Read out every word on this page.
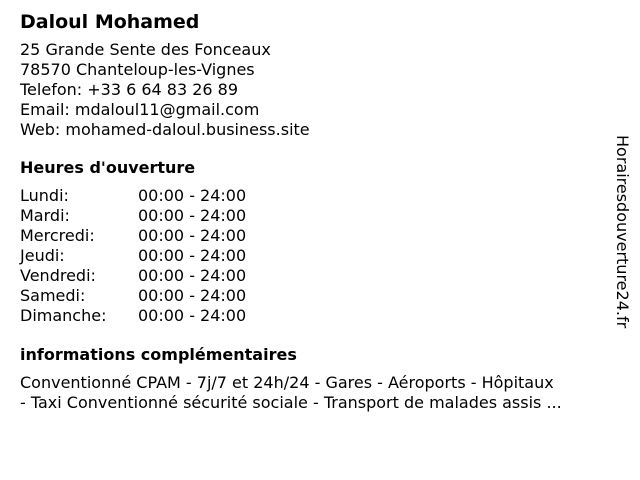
Daloul Mohamed
25 Grande Sente des Fonceaux
78570 Chanteloup-les-Vignes
Telefon: +33 6 64 83 26 89
Email: mdaloul11@gmail.com
Web: mohamed-daloul.business.site
Heures d'ouverture
Lundi:	00:00 - 24:00
Mardi:	00:00 - 24:00
Mercredi:	00:00 - 24:00
Jeudi:	00:00 - 24:00
Vendredi:	00:00 - 24:00
Samedi:	00:00 - 24:00
Dimanche:	00:00 - 24:00
informations complémentaires
Conventionné CPAM - 7j/7 et 24h/24 - Gares - Aéroports - Hôpitaux
- Taxi Conventionné sécurité sociale - Transport de malades assis ...
Horairesdouverture24.fr
